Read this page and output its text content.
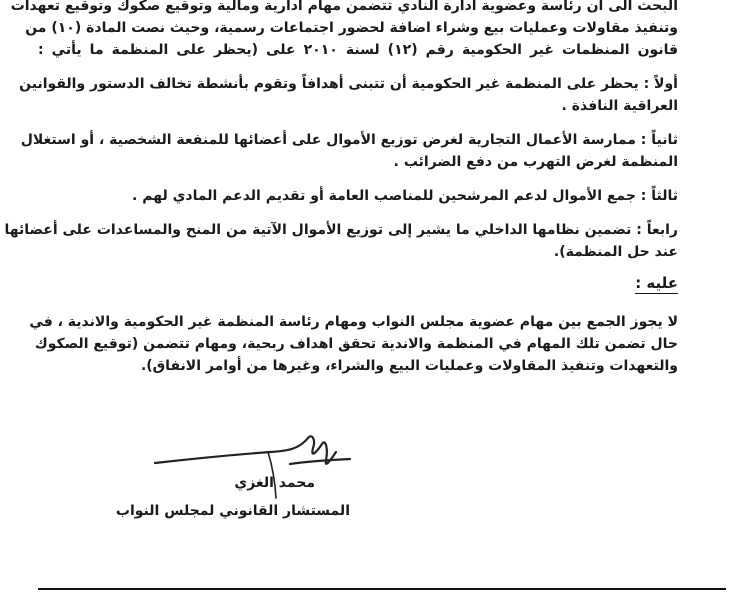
البحث الى ان رئاسة وعضوية ادارة النادي تتضمن مهام ادارية ومالية وتوقيع صكوك وتوقيع تعهدات
وتنفيذ مقاولات وعمليات بيع وشراء اضافة لحضور اجتماعات رسمية، وحيث نصت المادة (١٠) من
قانون المنظمات غير الحكومية رقم (١٢) لسنة ٢٠١٠ على (يحظر على المنظمة ما يأتي :
أولاً : يحظر على المنظمة غير الحكومية أن تتبنى أهدافاً وتقوم بأنشطة تخالف الدستور والقوانين
العراقية النافذة .
ثانياً : ممارسة الأعمال التجارية لغرض توزيع الأموال على أعضائها للمنفعة الشخصية ، أو استغلال
المنظمة لغرض التهرب من دفع الضرائب .
ثالثاً : جمع الأموال لدعم المرشحين للمناصب العامة أو تقديم الدعم المادي لهم .
رابعاً : تضمين نظامها الداخلي ما يشير إلى توزيع الأموال الآتية من المنح والمساعدات على أعضائها
عند حل المنظمة).
عليه :
لا يجوز الجمع بين مهام عضوية مجلس النواب ومهام رئاسة المنظمة غير الحكومية والاندية ، في
حال تضمن تلك المهام في المنظمة والاندية تحقق اهداف ربحية، ومهام تتضمن (توقيع الصكوك
والتعهدات وتنفيذ المقاولات وعمليات البيع والشراء، وغيرها من أوامر الانفاق).
محمد الغزي
المستشار القانوني لمجلس النواب
